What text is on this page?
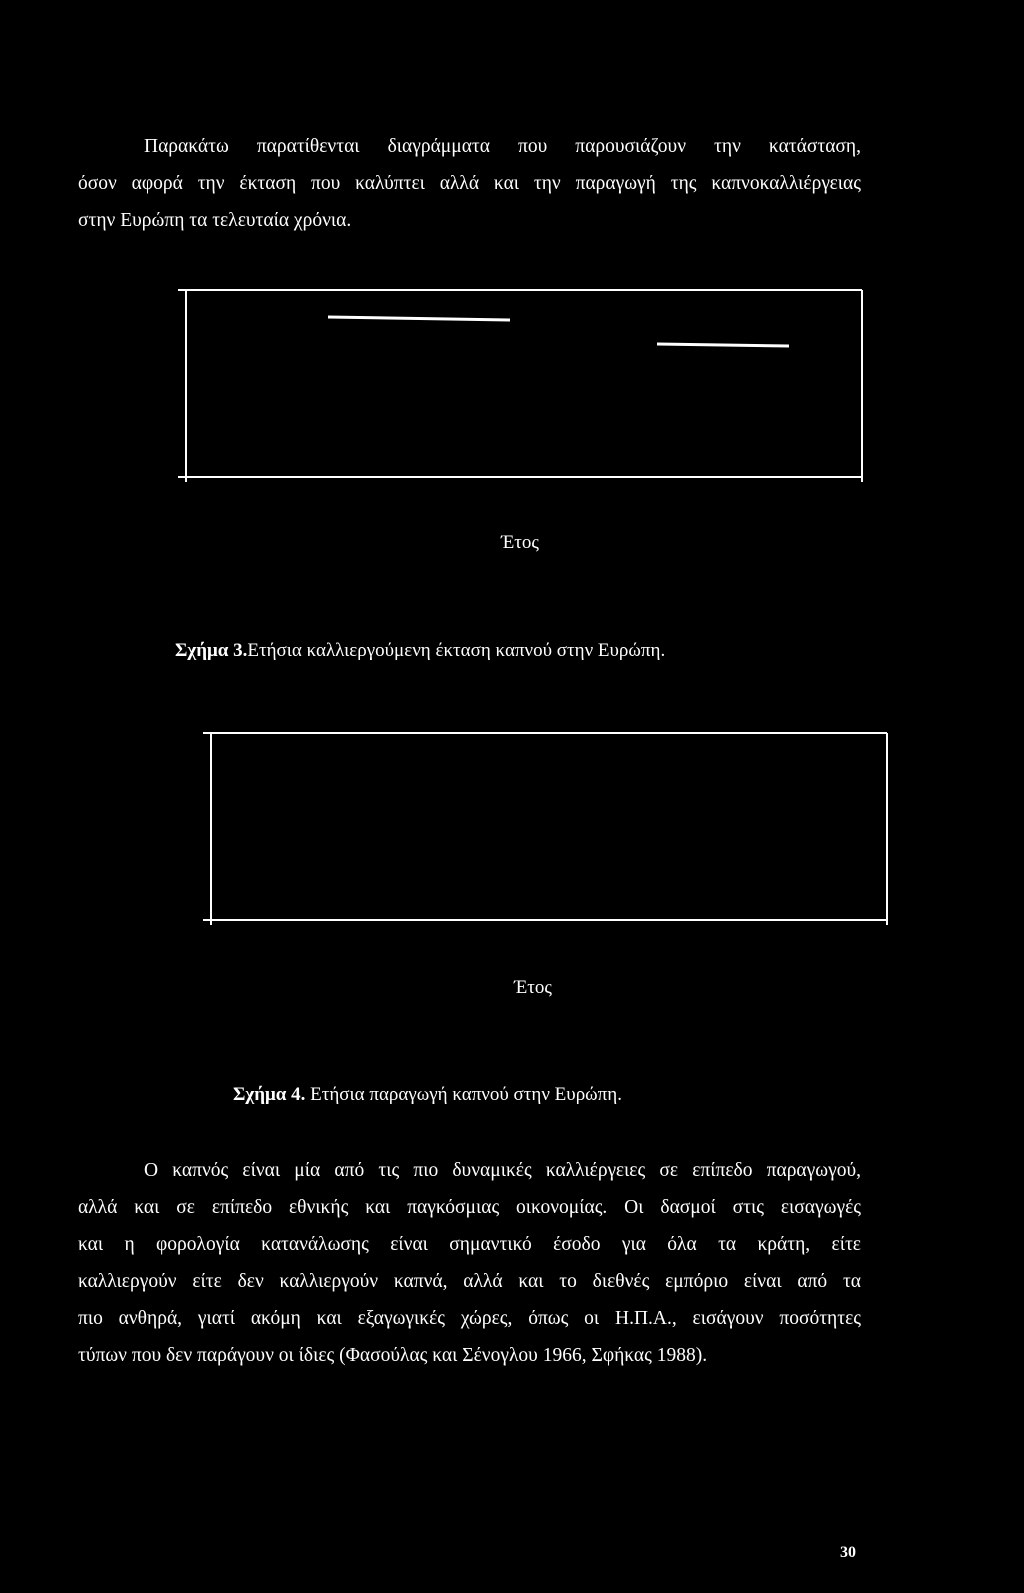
Παρακάτω παρατίθενται διαγράμματα που παρουσιάζουν την κατάσταση,
όσον αφορά την έκταση που καλύπτει αλλά και την παραγωγή της καπνοκαλλιέργειας
στην Ευρώπη τα τελευταία χρόνια.
Έτος
Σχήμα 3.Ετήσια καλλιεργούμενη έκταση καπνού στην Ευρώπη.
Έτος
Σχήμα 4. Ετήσια παραγωγή καπνού στην Ευρώπη.
Ο καπνός είναι μία από τις πιο δυναμικές καλλιέργειες σε επίπεδο παραγωγού,
αλλά και σε επίπεδο εθνικής και παγκόσμιας οικονομίας. Οι δασμοί στις εισαγωγές
και η φορολογία κατανάλωσης είναι σημαντικό έσοδο για όλα τα κράτη, είτε
καλλιεργούν είτε δεν καλλιεργούν καπνά, αλλά και το διεθνές εμπόριο είναι από τα
πιο ανθηρά, γιατί ακόμη και εξαγωγικές χώρες, όπως οι Η.Π.Α., εισάγουν ποσότητες
τύπων που δεν παράγουν οι ίδιες (Φασούλας και Σένογλου 1966, Σφήκας 1988).
30
